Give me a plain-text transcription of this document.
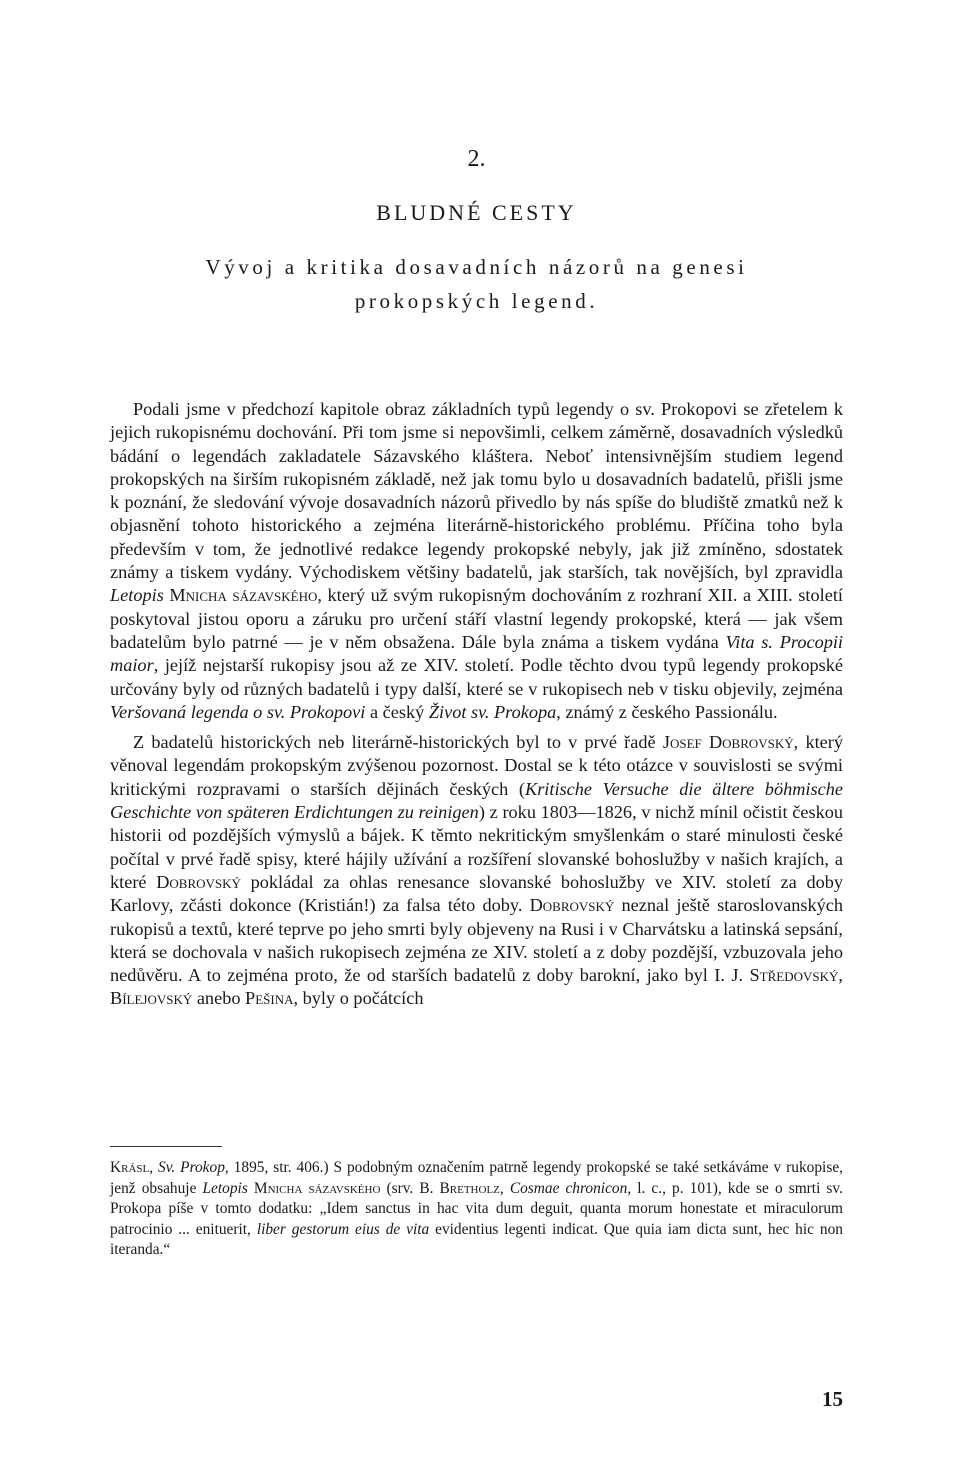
2.
BLUDNÉ CESTY
Vývoj a kritika dosavadních názorů na genesi
prokopských legend.

Podali jsme v předchozí kapitole obraz základních typů legendy o sv. Prokopovi se zřetelem k jejich rukopisnému dochování. Při tom jsme si nepovšimli, celkem záměrně, dosavadních výsledků bádání o legendách zakladatele Sázavského kláštera. Neboť intensivnějším studiem legend prokopských na širším rukopisném základě, než jak tomu bylo u dosavadních badatelů, přišli jsme k poznání, že sledování vývoje dosavadních názorů přivedlo by nás spíše do bludiště zmatků než k objasnění tohoto historického a zejména literárně-historického problému. Příčina toho byla především v tom, že jednotlivé redakce legendy prokopské nebyly, jak již zmíněno, sdostatek známy a tiskem vydány. Východiskem většiny badatelů, jak starších, tak novějších, byl zpravidla Letopis Mnicha sázavského, který už svým rukopisným dochováním z rozhraní XII. a XIII. století poskytoval jistou oporu a záruku pro určení stáří vlastní legendy prokopské, která — jak všem badatelům bylo patrné — je v něm obsažena. Dále byla známa a tiskem vydána Vita s. Procopii maior, jejíž nejstarší rukopisy jsou až ze XIV. století. Podle těchto dvou typů legendy prokopské určovány byly od různých badatelů i typy další, které se v rukopisech neb v tisku objevily, zejména Veršovaná legenda o sv. Prokopovi a český Život sv. Prokopa, známý z českého Passionálu.

Z badatelů historických neb literárně-historických byl to v prvé řadě Josef Dobrovský, který věnoval legendám prokopským zvýšenou pozornost. Dostal se k této otázce v souvislosti se svými kritickými rozpravami o starších dějinách českých (Kritische Versuche die ältere böhmische Geschichte von späteren Erdichtungen zu reinigen) z roku 1803—1826, v nichž mínil očistit českou historii od pozdějších výmyslů a bájek. K těmto nekritickým smyšlenkám o staré minulosti české počítal v prvé řadě spisy, které hájily užívání a rozšíření slovanské bohoslužby v našich krajích, a které Dobrovský pokládal za ohlas renesance slovanské bohoslužby ve XIV. století za doby Karlovy, zčásti dokonce (Kristián!) za falsa této doby. Dobrovský neznal ještě staroslovanských rukopisů a textů, které teprve po jeho smrti byly objeveny na Rusi i v Charvátsku a latinská sepsání, která se dochovala v našich rukopisech zejména ze XIV. století a z doby pozdější, vzbuzovala jeho nedůvěru. A to zejména proto, že od starších badatelů z doby barokní, jako byl I. J. Středovský, Bílejovský anebo Pešina, byly o počátcích

Krásl, Sv. Prokop, 1895, str. 406.) S podobným označením patrně legendy prokopské se také setkáváme v rukopise, jenž obsahuje Letopis Mnicha sázavského (srv. B. Bretholz, Cosmae chronicon, l. c., p. 101), kde se o smrti sv. Prokopa píše v tomto dodatku: „Idem sanctus in hac vita dum deguit, quanta morum honestate et miraculorum patrocinio ... enituerit, liber gestorum eius de vita evidentius legenti indicat. Que quia iam dicta sunt, hec hic non iteranda.“

15
